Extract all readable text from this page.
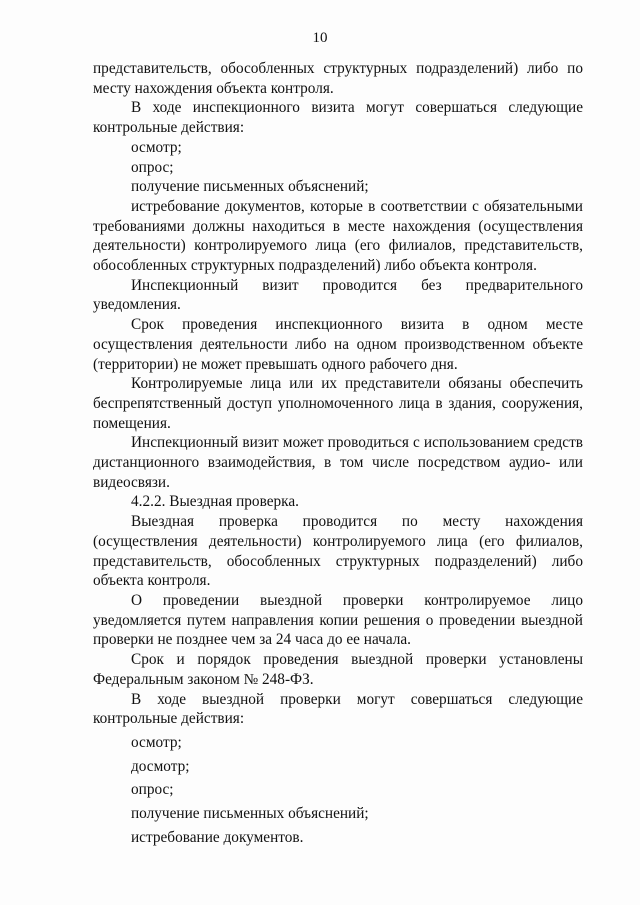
10

представительств, обособленных структурных подразделений) либо по месту нахождения объекта контроля.

В ходе инспекционного визита могут совершаться следующие контрольные действия:

осмотр;

опрос;

получение письменных объяснений;

истребование документов, которые в соответствии с обязательными требованиями должны находиться в месте нахождения (осуществления деятельности) контролируемого лица (его филиалов, представительств, обособленных структурных подразделений) либо объекта контроля.

Инспекционный визит проводится без предварительного уведомления.

Срок проведения инспекционного визита в одном месте осуществления деятельности либо на одном производственном объекте (территории) не может превышать одного рабочего дня.

Контролируемые лица или их представители обязаны обеспечить беспрепятственный доступ уполномоченного лица в здания, сооружения, помещения.

Инспекционный визит может проводиться с использованием средств дистанционного взаимодействия, в том числе посредством аудио- или видеосвязи.

4.2.2. Выездная проверка.

Выездная проверка проводится по месту нахождения (осуществления деятельности) контролируемого лица (его филиалов, представительств, обособленных структурных подразделений) либо объекта контроля.

О проведении выездной проверки контролируемое лицо уведомляется путем направления копии решения о проведении выездной проверки не позднее чем за 24 часа до ее начала.

Срок и порядок проведения выездной проверки установлены Федеральным законом № 248-ФЗ.

В ходе выездной проверки могут совершаться следующие контрольные действия:

осмотр;

досмотр;

опрос;

получение письменных объяснений;

истребование документов.
